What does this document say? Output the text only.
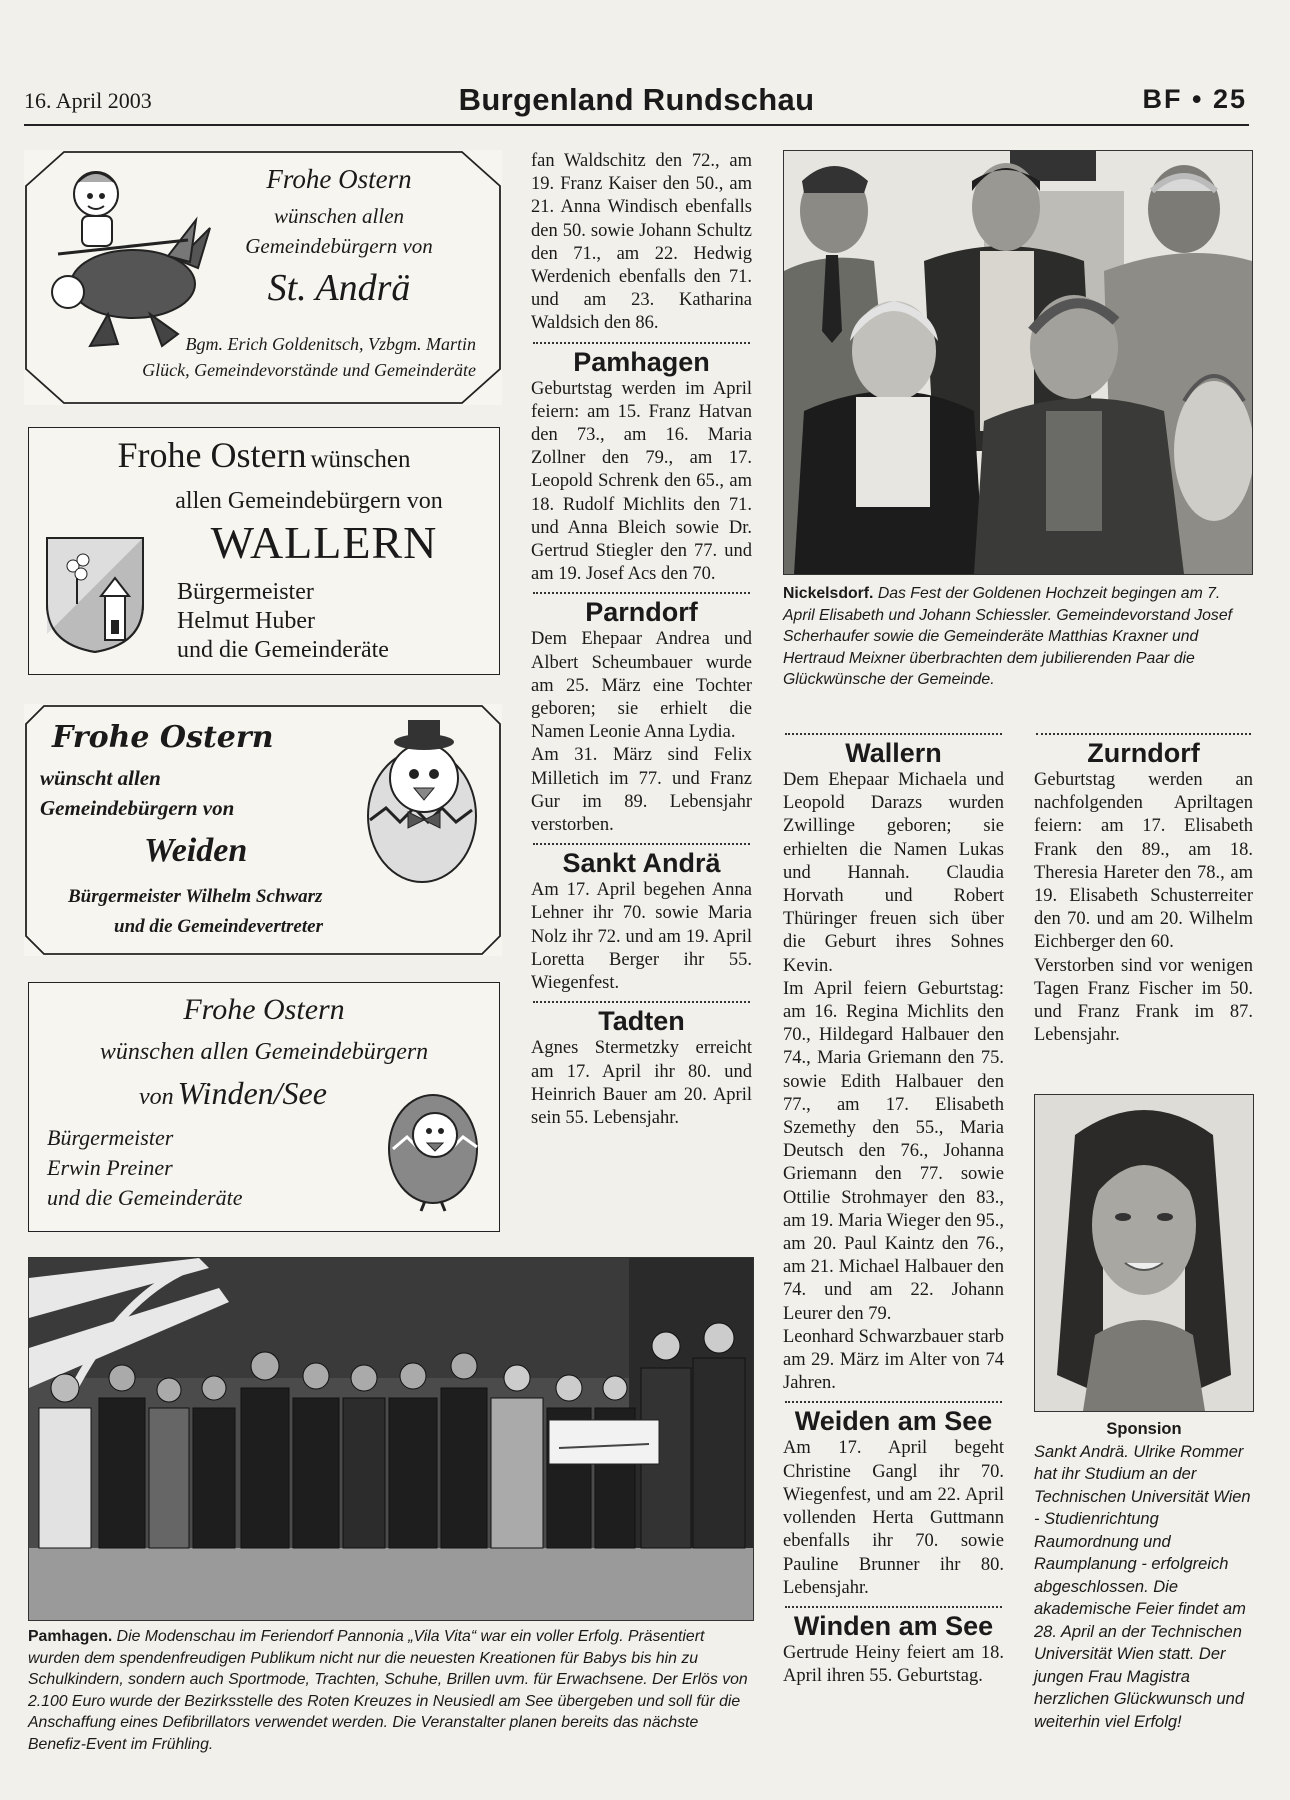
16. April 2003	Burgenland Rundschau	BF • 25
Frohe Ostern
wünschen allen
Gemeindebürgern von
St. Andrä
Bgm. Erich Goldenitsch, Vzbgm. Martin
Glück, Gemeindevorstände und Gemeinderäte
Frohe Ostern wünschen
allen Gemeindebürgern von
WALLERN
Bürgermeister
Helmut Huber
und die Gemeinderäte
Frohe Ostern
wünscht allen
Gemeindebürgern von
Weiden
Bürgermeister Wilhelm Schwarz
und die Gemeindevertreter
Frohe Ostern
wünschen allen Gemeindebürgern
von Winden/See
Bürgermeister
Erwin Preiner
und die Gemeinderäte

fan Waldschitz den 72., am 19. Franz Kaiser den 50., am 21. Anna Windisch ebenfalls den 50. sowie Johann Schultz den 71., am 22. Hedwig Werdenich ebenfalls den 71. und am 23. Katharina Waldsich den 86.

Pamhagen

Geburtstag werden im April feiern: am 15. Franz Hatvan den 73., am 16. Maria Zollner den 79., am 17. Leopold Schrenk den 65., am 18. Rudolf Michlits den 71. und Anna Bleich sowie Dr. Gertrud Stiegler den 77. und am 19. Josef Acs den 70.

Parndorf

Dem Ehepaar Andrea und Albert Scheumbauer wurde am 25. März eine Tochter geboren; sie erhielt die Namen Leonie Anna Lydia.

Am 31. März sind Felix Milletich im 77. und Franz Gur im 89. Lebensjahr verstorben.

Sankt Andrä

Am 17. April begehen Anna Lehner ihr 70. sowie Maria Nolz ihr 72. und am 19. April Loretta Berger ihr 55. Wiegenfest.

Tadten

Agnes Stermetzky erreicht am 17. April ihr 80. und Heinrich Bauer am 20. April sein 55. Lebensjahr.

Nickelsdorf. Das Fest der Goldenen Hochzeit begingen am 7. April Elisabeth und Johann Schiessler. Gemeindevorstand Josef Scherhaufer sowie die Gemeinderäte Matthias Kraxner und Hertraud Meixner überbrachten dem jubilierenden Paar die Glückwünsche der Gemeinde.
Wallern

Dem Ehepaar Michaela und Leopold Darazs wurden Zwillinge geboren; sie erhielten die Namen Lukas und Hannah. Claudia Horvath und Robert Thüringer freuen sich über die Geburt ihres Sohnes Kevin.

Im April feiern Geburtstag: am 16. Regina Michlits den 70., Hildegard Halbauer den 74., Maria Griemann den 75. sowie Edith Halbauer den 77., am 17. Elisabeth Szemethy den 55., Maria Deutsch den 76., Johanna Griemann den 77. sowie Ottilie Strohmayer den 83., am 19. Maria Wieger den 95., am 20. Paul Kaintz den 76., am 21. Michael Halbauer den 74. und am 22. Johann Leurer den 79.

Leonhard Schwarzbauer starb am 29. März im Alter von 74 Jahren.

Weiden am See

Am 17. April begeht Christine Gangl ihr 70. Wiegenfest, und am 22. April vollenden Herta Guttmann ebenfalls ihr 70. sowie Pauline Brunner ihr 80. Lebensjahr.

Winden am See

Gertrude Heiny feiert am 18. April ihren 55. Geburtstag.

Zurndorf

Geburtstag werden an nachfolgenden Apriltagen feiern: am 17. Elisabeth Frank den 89., am 18. Theresia Hareter den 78., am 19. Elisabeth Schusterreiter den 70. und am 20. Wilhelm Eichberger den 60.

Verstorben sind vor wenigen Tagen Franz Fischer im 50. und Franz Frank im 87. Lebensjahr.

Sponsion
Sankt Andrä. Ulrike Rommer hat ihr Studium an der Technischen Universität Wien - Studienrichtung Raumordnung und Raumplanung - erfolgreich abgeschlossen. Die akademische Feier findet am 28. April an der Technischen Universität Wien statt. Der jungen Frau Magistra herzlichen Glückwunsch und weiterhin viel Erfolg!
Pamhagen. Die Modenschau im Feriendorf Pannonia „Vila Vita“ war ein voller Erfolg. Präsentiert wurden dem spendenfreudigen Publikum nicht nur die neuesten Kreationen für Babys bis hin zu Schulkindern, sondern auch Sportmode, Trachten, Schuhe, Brillen uvm. für Erwachsene. Der Erlös von 2.100 Euro wurde der Bezirksstelle des Roten Kreuzes in Neusiedl am See übergeben und soll für die Anschaffung eines Defibrillators verwendet werden. Die Veranstalter planen bereits das nächste Benefiz-Event im Frühling.
